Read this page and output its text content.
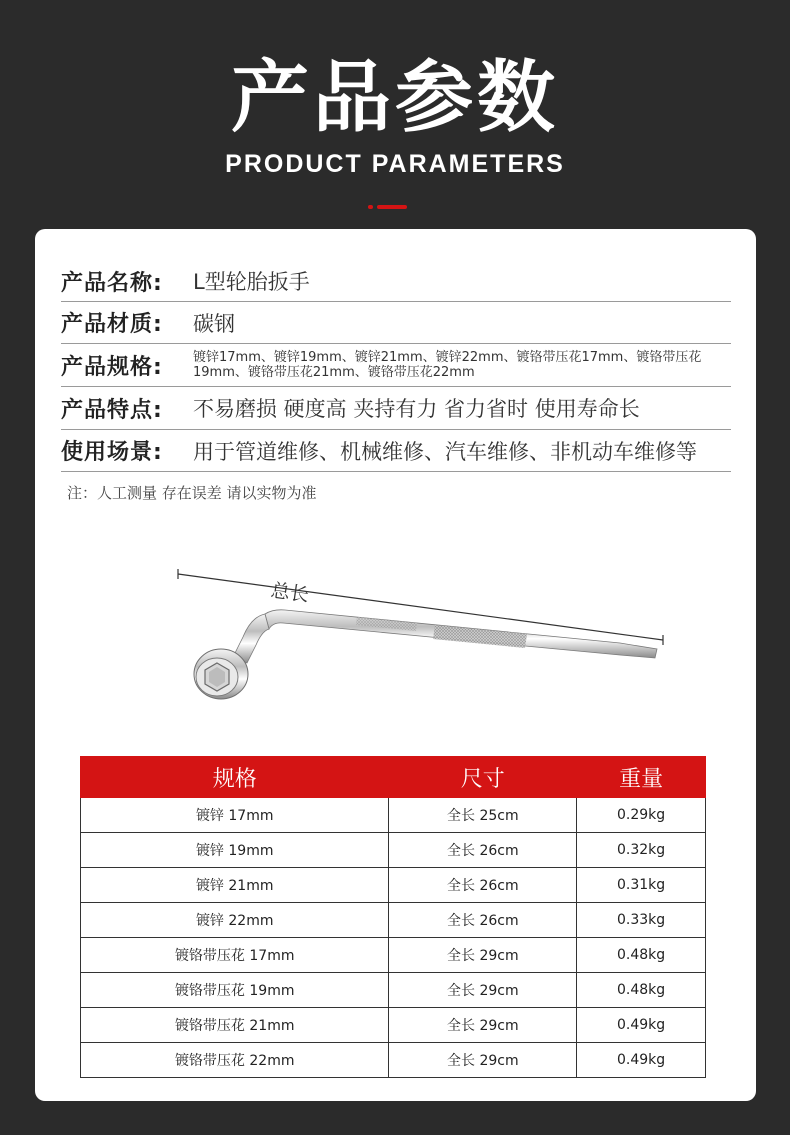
产品参数
PRODUCT PARAMETERS
产品名称:	L型轮胎扳手
产品材质:	碳钢
产品规格:	镀锌17mm、镀锌19mm、镀锌21mm、镀锌22mm、镀铬带压花17mm、镀铬带压花19mm、镀铬带压花21mm、镀铬带压花22mm
产品特点:	不易磨损 硬度高 夹持有力 省力省时 使用寿命长
使用场景:	用于管道维修、机械维修、汽车维修、非机动车维修等
注：人工测量 存在误差 请以实物为准
总长
规格	尺寸	重量
镀锌 17mm	全长 25cm	0.29kg
镀锌 19mm	全长 26cm	0.32kg
镀锌 21mm	全长 26cm	0.31kg
镀锌 22mm	全长 26cm	0.33kg
镀铬带压花 17mm	全长 29cm	0.48kg
镀铬带压花 19mm	全长 29cm	0.48kg
镀铬带压花 21mm	全长 29cm	0.49kg
镀铬带压花 22mm	全长 29cm	0.49kg
